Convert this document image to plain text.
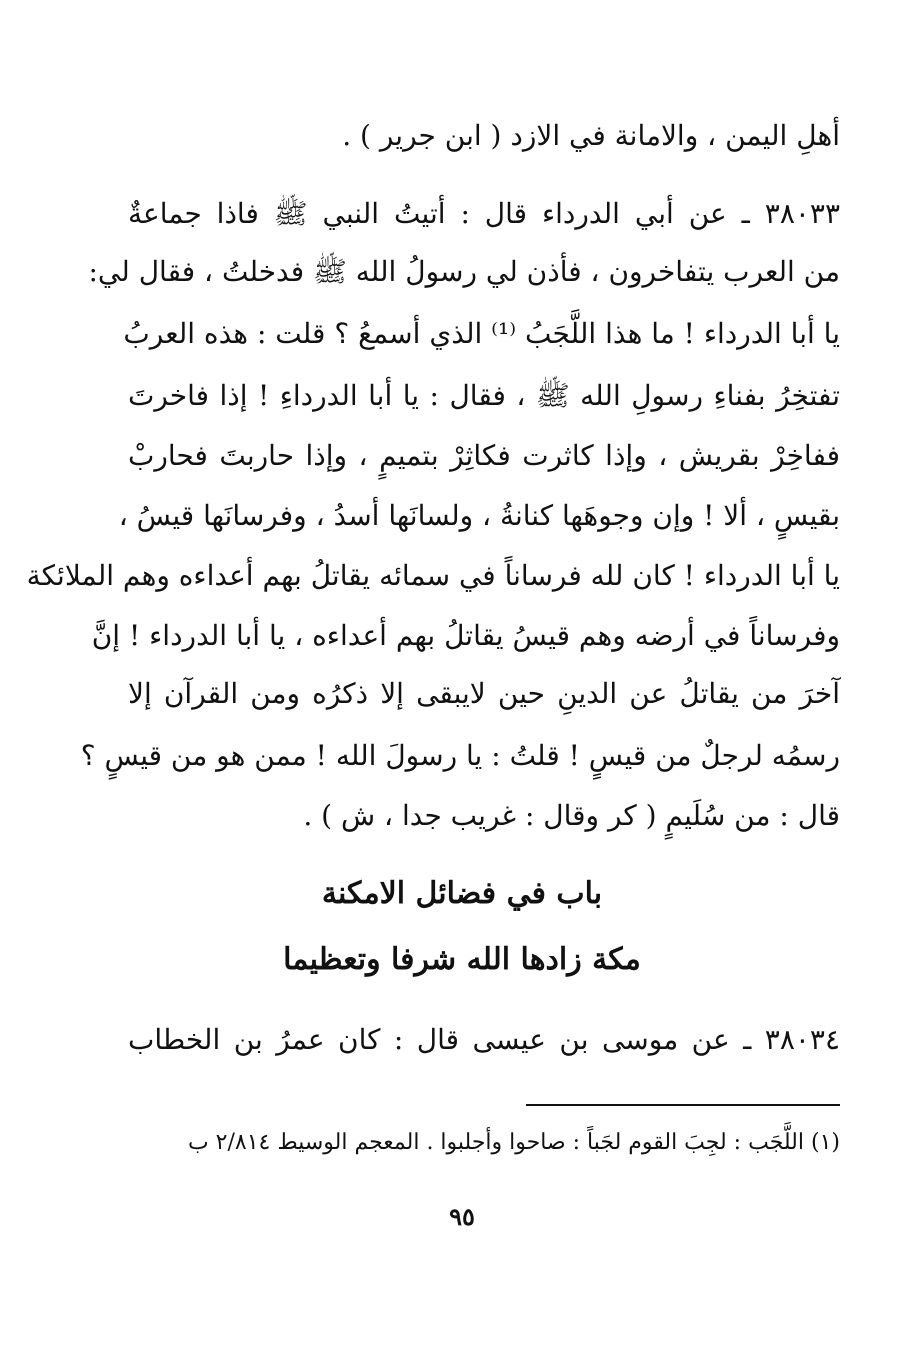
أهلِ اليمن ، والامانة في الازد ( ابن جرير ) .
٣٨٠٣٣ ـ عن أبي الدرداء قال : أتيتُ النبي ﷺ فاذا جماعةٌ
من العرب يتفاخرون ، فأذن لي رسولُ الله ﷺ فدخلتُ ، فقال لي:
يا أبا الدرداء ! ما هذا اللَّجَبُ ⁽¹⁾ الذي أسمعُ ؟ قلت : هذه العربُ
تفتخِرُ بفناءِ رسولِ الله ﷺ ، فقال : يا أبا الدرداءِ ! إذا فاخرتَ
ففاخِرْ بقريش ، وإذا كاثرت فكاثِرْ بتميمٍ ، وإذا حاربتَ فحاربْ
بقيسٍ ، ألا ! وإن وجوهَها كنانةُ ، ولسانَها أسدُ ، وفرسانَها قيسُ ،
يا أبا الدرداء ! كان لله فرساناً في سمائه يقاتلُ بهم أعداءه وهم الملائكة
وفرساناً في أرضه وهم قيسُ يقاتلُ بهم أعداءه ، يا أبا الدرداء ! إنَّ
آخرَ من يقاتلُ عن الدينِ حين لايبقى إلا ذكرُه ومن القرآن إلا
رسمُه لرجلٌ من قيسٍ ! قلتُ : يا رسولَ الله ! ممن هو من قيسٍ ؟
قال : من سُلَيمٍ ( كر وقال : غريب جدا ، ش ) .
باب في فضائل الامكنة
مكة زادها الله شرفا وتعظيما
٣٨٠٣٤ ـ عن موسى بن عيسى قال : كان عمرُ بن الخطاب
(١) اللَّجَب : لجِبَ القوم لجَباً : صاحوا وأجلبوا . المعجم الوسيط ٢/٨١٤ ب
٩٥
